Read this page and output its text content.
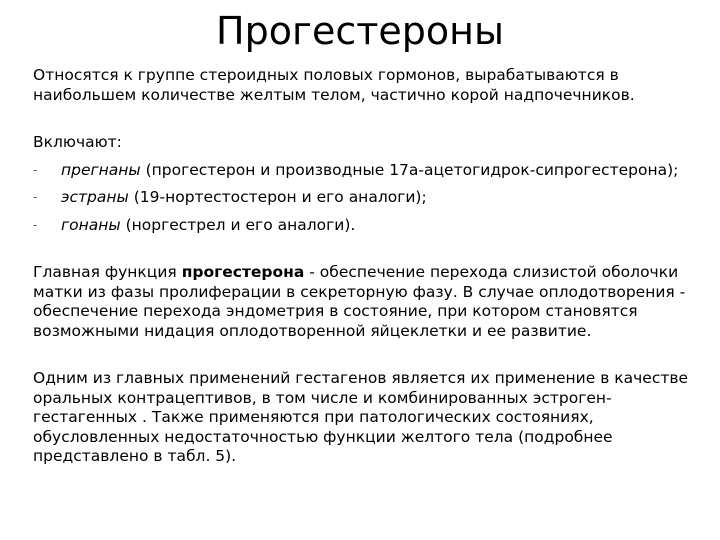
Прогестероны

Относятся к группе стероидных половых гормонов, вырабатываются в наибольшем количестве желтым телом, частично корой надпочечников.

Включают:

-	прегнаны (прогестерон и производные 17а-ацетогидрок-сипрогестерона);
-	эстраны (19-нортестостерон и его аналоги);
-	гонаны (норгестрел и его аналоги).

Главная функция прогестерона - обеспечение перехода слизистой оболочки матки из фазы пролиферации в секреторную фазу. В случае оплодотворения - обеспечение перехода эндометрия в состояние, при котором становятся возможными нидация оплодотворенной яйцеклетки и ее развитие.

Одним из главных применений гестагенов является их применение в качестве оральных контрацептивов, в том числе и комбинированных эстроген-гестагенных . Также применяются при патологических состояниях, обусловленных недостаточностью функции желтого тела (подробнее представлено в табл. 5).
